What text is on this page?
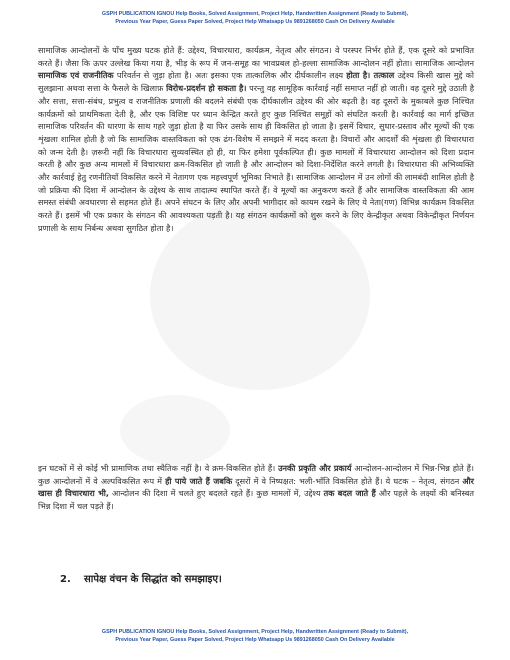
GSPH PUBLICATION IGNOU Help Books, Solved Assignment, Project Help, Handwritten Assignment (Ready to Submit),
Previous Year Paper, Guess Paper Solved, Project Help Whatsapp Us 9891268050 Cash On Delivery Available
सामाजिक आन्दोलनों के पाँच मुख्य घटक होते हैं: उद्देश्य, विचारधारा, कार्यक्रम, नेतृत्व और संगठन। वे परस्पर निर्भर होते हैं, एक दूसरे को प्रभावित करते हैं। जैसा कि ऊपर उल्लेख किया गया है, भीड़ के रूप में जन-समूह का भावप्रबल हो-हल्ला सामाजिक आन्दोलन नहीं होता। सामाजिक आन्दोलन सामाजिक एवं राजनीतिक परिवर्तन से जुड़ा होता है। अतः इसका एक तात्कालिक और दीर्घकालीन लक्ष्य होता है। तत्काल उद्देश्य किसी खास मुद्दे को सुलझाना अथवा सत्ता के फैसले के खिलाफ़ विरोध-प्रदर्शन हो सकता है। परन्तु वह सामूहिक कार्रवाई नहीं समाप्त नहीं हो जाती। वह दूसरे मुद्दे उठाती है और सत्ता, सत्ता-संबंध, प्रभुत्व व राजनीतिक प्रणाली की बदलने संबंधी एक दीर्घकालीन उद्देश्य की ओर बढ़ती है। वह दूसरों के मुकाबले कुछ निश्चित कार्यक्रमों को प्राथमिकता देती है, और एक विशिष्ट पर ध्यान केन्द्रित करते हुए कुछ निश्चित समूहों को संघटित करती है। कार्रवाई का मार्ग इच्छित सामाजिक परिवर्तन की धारणा के साथ गहरे जुड़ा होता है या फिर उसके साथ ही विकसित हो जाता है। इसमें विचार, सुधार-प्रस्ताव और मूल्यों की एक शृंखला शामिल होती है जो कि सामाजिक वास्तविकता को एक ढंग-विशेष में समझने में मदद करता है। विचारों और आदर्शों की शृंखला ही विचारधारा को जन्म देती है। ज़रूरी नहीं कि विचारधारा सुव्यवस्थित हो ही, या फिर हमेशा पूर्वकल्पित ही। कुछ मामलों में विचारधारा आन्दोलन को दिशा प्रदान करती है और कुछ अन्य मामलों में विचारधारा क्रम-विकसित हो जाती है और आन्दोलन को दिशा-निर्देशित करने लगती है। विचारधारा की अभिव्यक्ति और कार्रवाई हेतु रणनीतियाँ विकसित करने में नेतागण एक महत्त्वपूर्ण भूमिका निभाते हैं। सामाजिक आन्दोलन में उन लोगों की लामबंदी शामिल होती है जो प्रक्रिया की दिशा में आन्दोलन के उद्देश्य के साथ तादात्म्य स्थापित करते हैं। वे मूल्यों का अनुकरण करते हैं और सामाजिक वास्तविकता की आम समस्त संबंधी अवधारणा से सहमत होते हैं। अपने संघटन के लिए और अपनी भागीदार को कायम रखने के लिए ये नेता(गण) विभिन्न कार्यक्रम विकसित करते हैं। इसमें भी एक प्रकार के संगठन की आवश्यकता पड़ती है। यह संगठन कार्यक्रमों को शुरू करने के लिए केन्द्रीकृत अथवा विकेन्द्रीकृत निर्णयन प्रणाली के साथ निर्बन्ध अथवा सुगठित होता है।
इन घटकों में से कोई भी प्रामाणिक तथा स्थैतिक नहीं है। वे क्रम-विकसित होते हैं। उनकी प्रकृति और प्रकार्य आन्दोलन-आन्दोलन में भिन्न-भिन्न होते हैं। कुछ आन्दोलनों में वे अल्पविकसित रूप में ही पाये जाते हैं जबकि दूसरों में वे निष्पक्षत: भली-भाँति विकसित होते हैं। ये घटक – नेतृत्व, संगठन और खास ही विचारधारा भी, आन्दोलन की दिशा में चलते हुए बदलते रहते हैं। कुछ मामलों में, उद्देश्य तक बदल जाते हैं और पहले के लक्ष्यों की बनिस्बत भिन्न दिशा में चल पड़ते हैं।
2. सापेक्ष वंचन के सिद्धांत को समझाइए।
GSPH PUBLICATION IGNOU Help Books, Solved Assignment, Project Help, Handwritten Assignment (Ready to Submit),
Previous Year Paper, Guess Paper Solved, Project Help Whatsapp Us 9891268050 Cash On Delivery Available
